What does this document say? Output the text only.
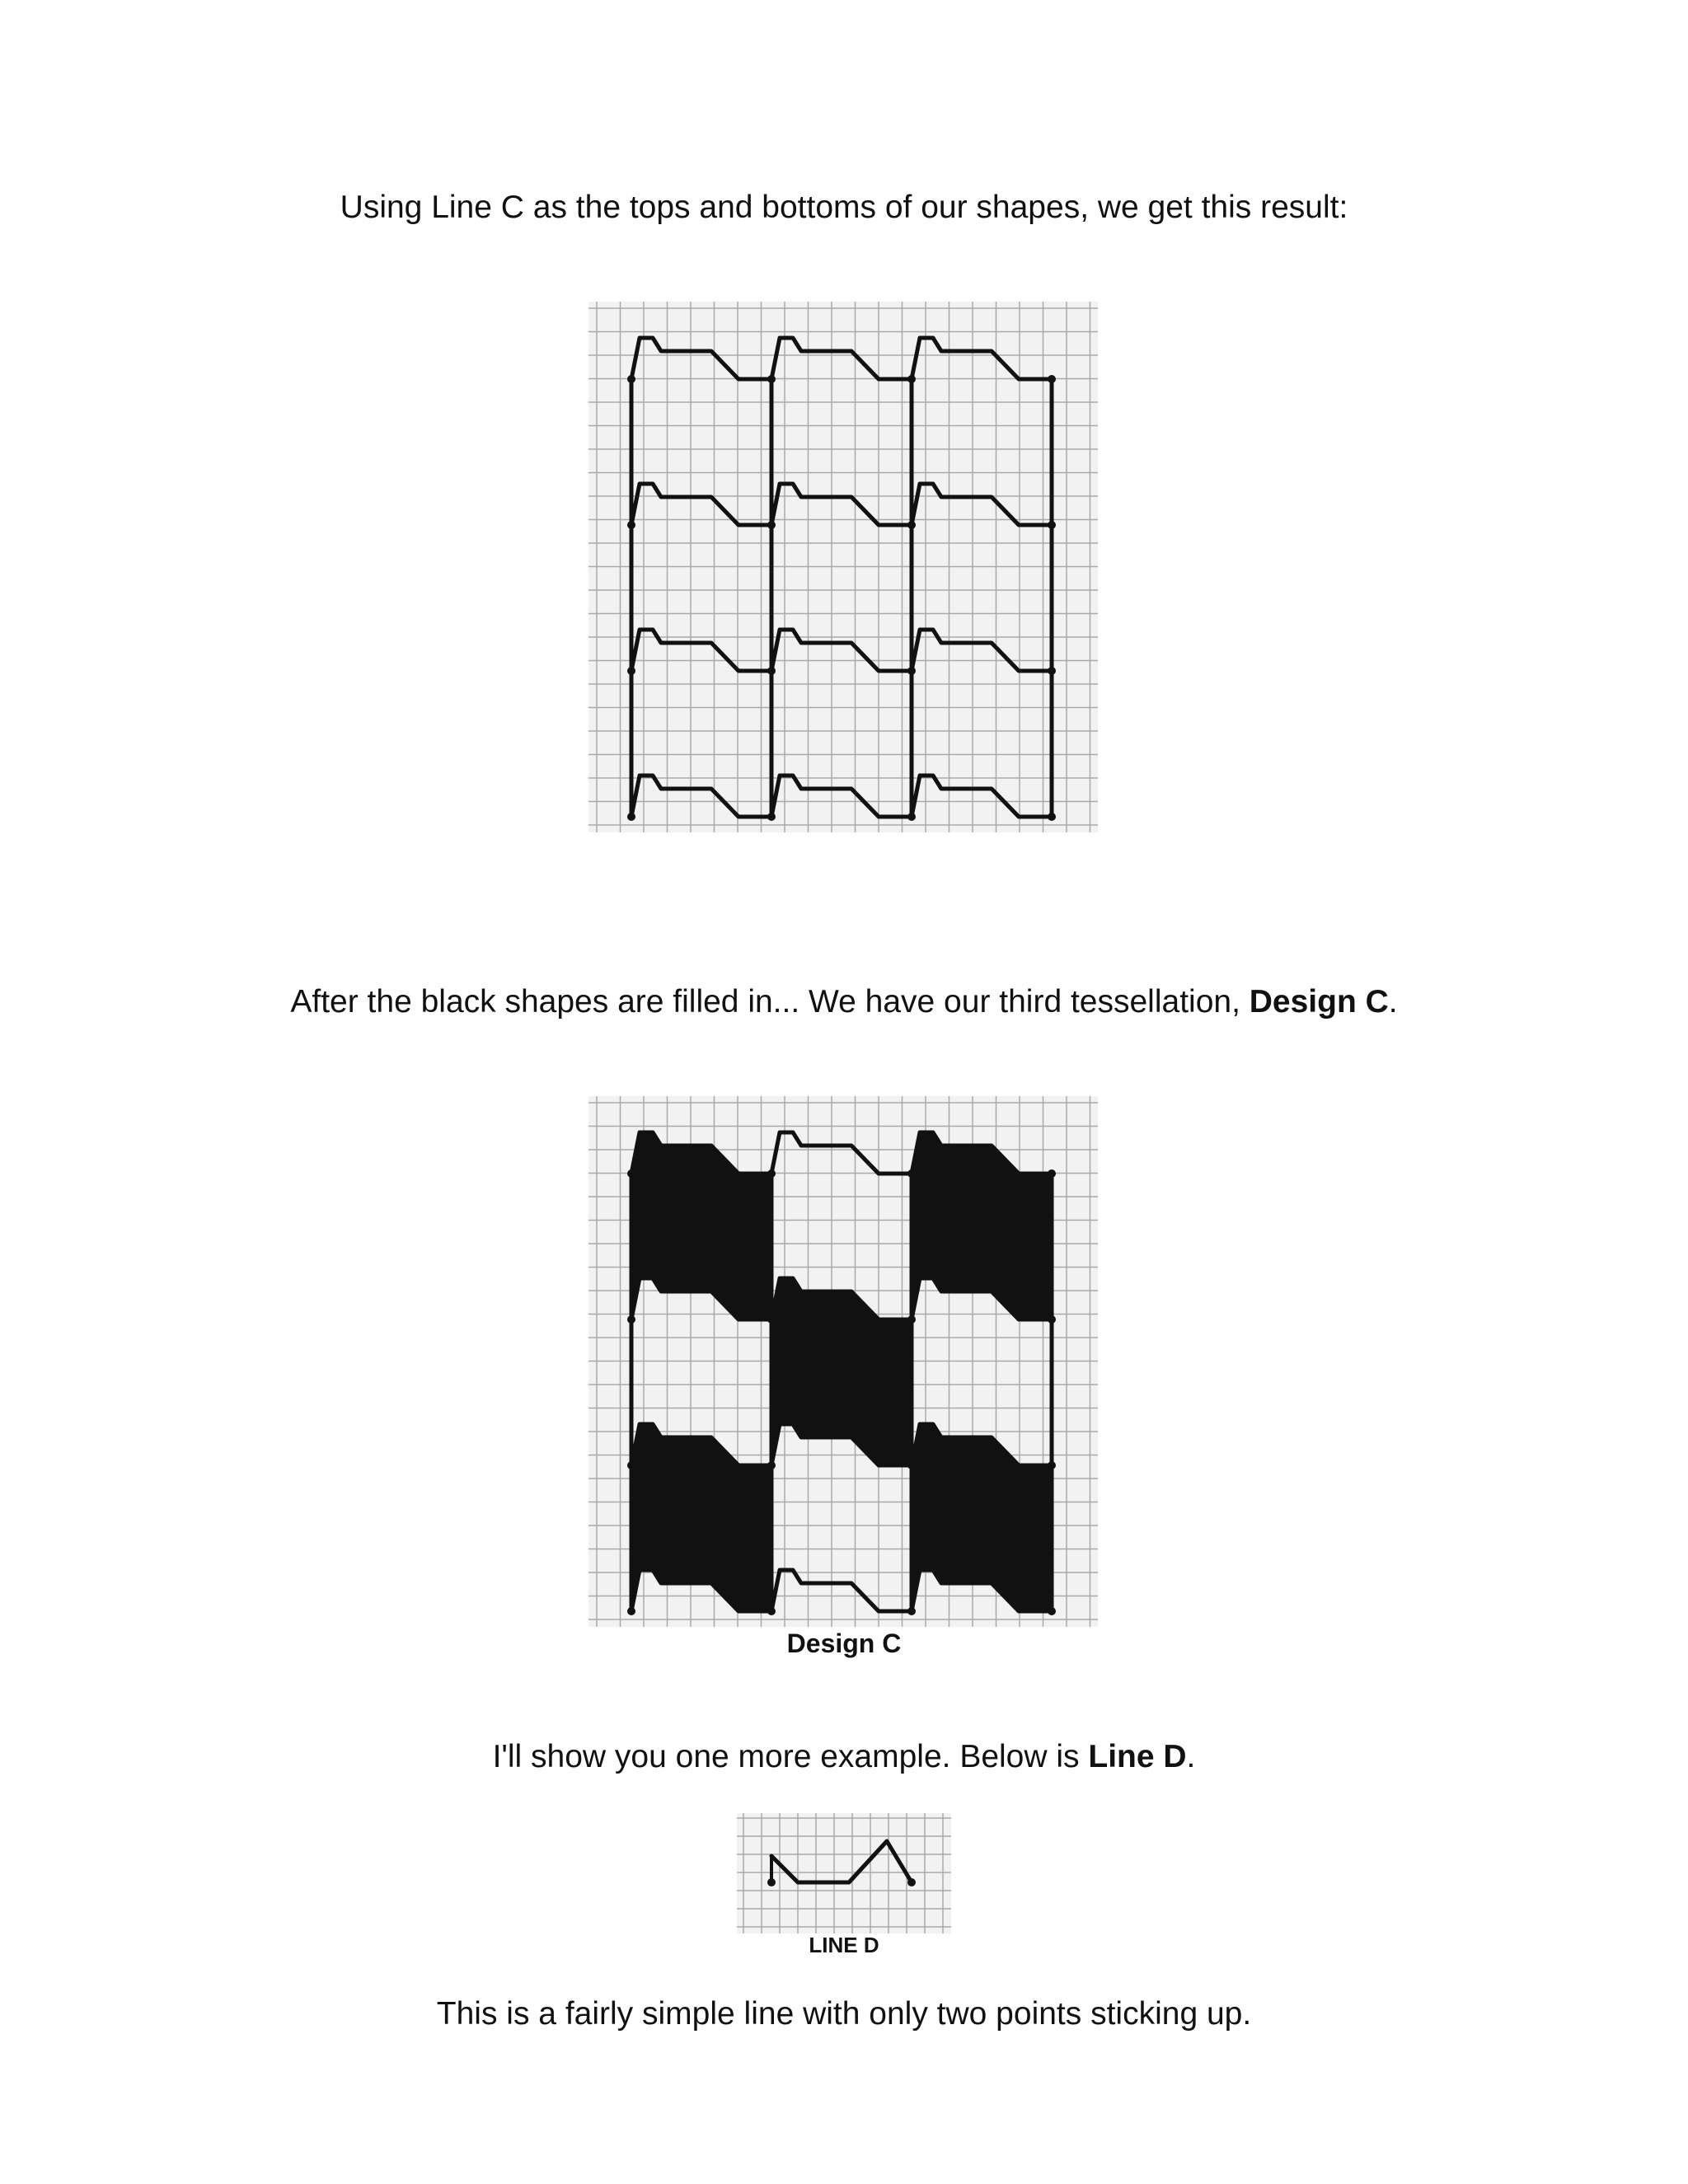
Using Line C as the tops and bottoms of our shapes, we get this result:
After the black shapes are filled in... We have our third tessellation, Design C.
Design C
I'll show you one more example. Below is Line D.
LINE D
This is a fairly simple line with only two points sticking up.
